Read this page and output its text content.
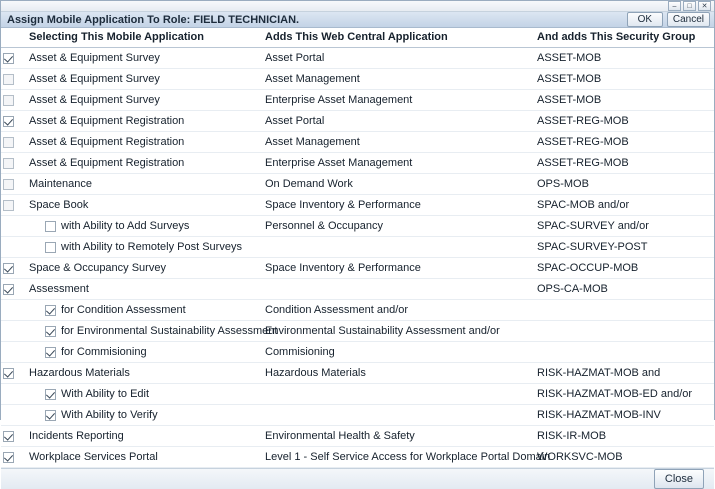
–	□	✕
Assign Mobile Application To Role: FIELD TECHNICIAN.	OK	Cancel
	Selecting This Mobile Application	Adds This Web Central Application	And adds This Security Group
	Asset & Equipment Survey	Asset Portal	ASSET-MOB
	Asset & Equipment Survey	Asset Management	ASSET-MOB
	Asset & Equipment Survey	Enterprise Asset Management	ASSET-MOB
	Asset & Equipment Registration	Asset Portal	ASSET-REG-MOB
	Asset & Equipment Registration	Asset Management	ASSET-REG-MOB
	Asset & Equipment Registration	Enterprise Asset Management	ASSET-REG-MOB
	Maintenance	On Demand Work	OPS-MOB
	Space Book	Space Inventory & Performance	SPAC-MOB and/or
	with Ability to Add Surveys	Personnel & Occupancy	SPAC-SURVEY and/or
	with Ability to Remotely Post Surveys		SPAC-SURVEY-POST
	Space & Occupancy Survey	Space Inventory & Performance	SPAC-OCCUP-MOB
	Assessment		OPS-CA-MOB
	for Condition Assessment	Condition Assessment and/or	
	for Environmental Sustainability Assessment	Environmental Sustainability Assessment and/or	
	for Commisioning	Commisioning	
	Hazardous Materials	Hazardous Materials	RISK-HAZMAT-MOB and
	With Ability to Edit		RISK-HAZMAT-MOB-ED and/or
	With Ability to Verify		RISK-HAZMAT-MOB-INV
	Incidents Reporting	Environmental Health & Safety	RISK-IR-MOB
	Workplace Services Portal	Level 1 - Self Service Access for Workplace Portal Domain	WORKSVC-MOB
Close
